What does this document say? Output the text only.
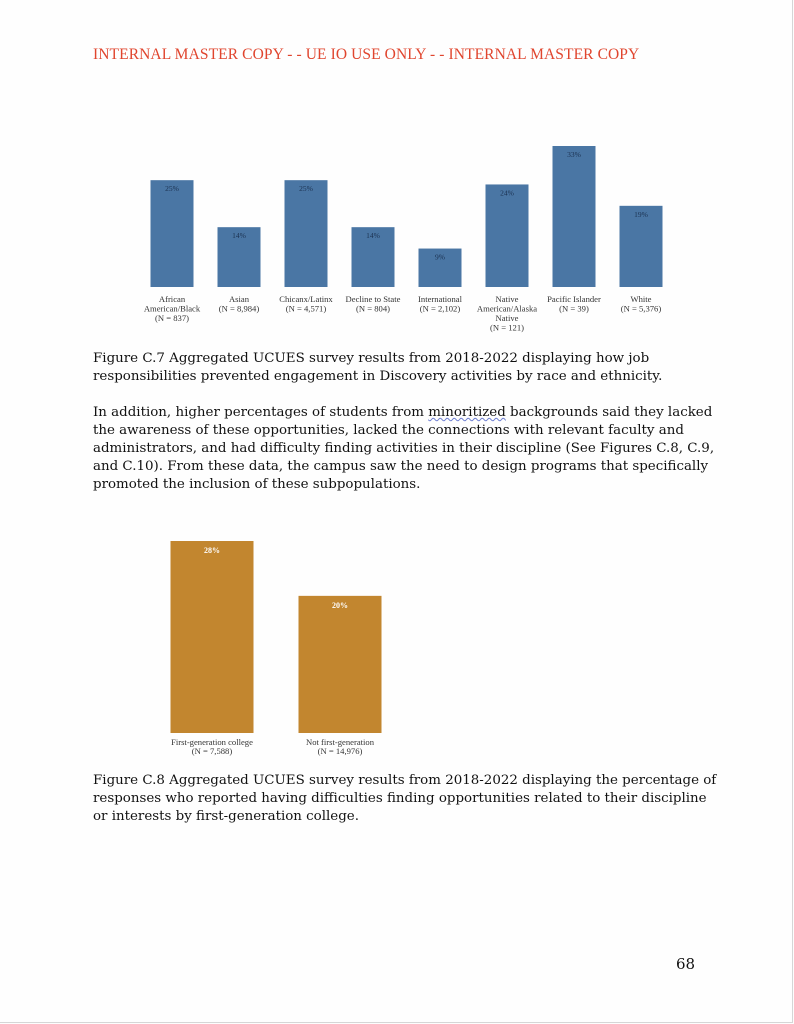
INTERNAL MASTER COPY - - UE IO USE ONLY - - INTERNAL MASTER COPY
25%
African
American/Black
(N = 837)
14%
Asian
(N = 8,984)
25%
Chicanx/Latinx
(N = 4,571)
14%
Decline to State
(N = 804)
9%
International
(N = 2,102)
24%
Native
American/Alaska
Native
(N = 121)
33%
Pacific Islander
(N = 39)
19%
White
(N = 5,376)

Figure C.7 Aggregated UCUES survey results from 2018-2022 displaying how job responsibilities prevented engagement in Discovery activities by race and ethnicity.

In addition, higher percentages of students from minoritized backgrounds said they lacked the awareness of these opportunities, lacked the connections with relevant faculty and administrators, and had difficulty finding activities in their discipline (See Figures C.8, C.9, and C.10). From these data, the campus saw the need to design programs that specifically promoted the inclusion of these subpopulations.

28%
First-generation college
(N = 7,588)
20%
Not first-generation
(N = 14,976)

Figure C.8 Aggregated UCUES survey results from 2018-2022 displaying the percentage of responses who reported having difficulties finding opportunities related to their discipline or interests by first-generation college.

68
